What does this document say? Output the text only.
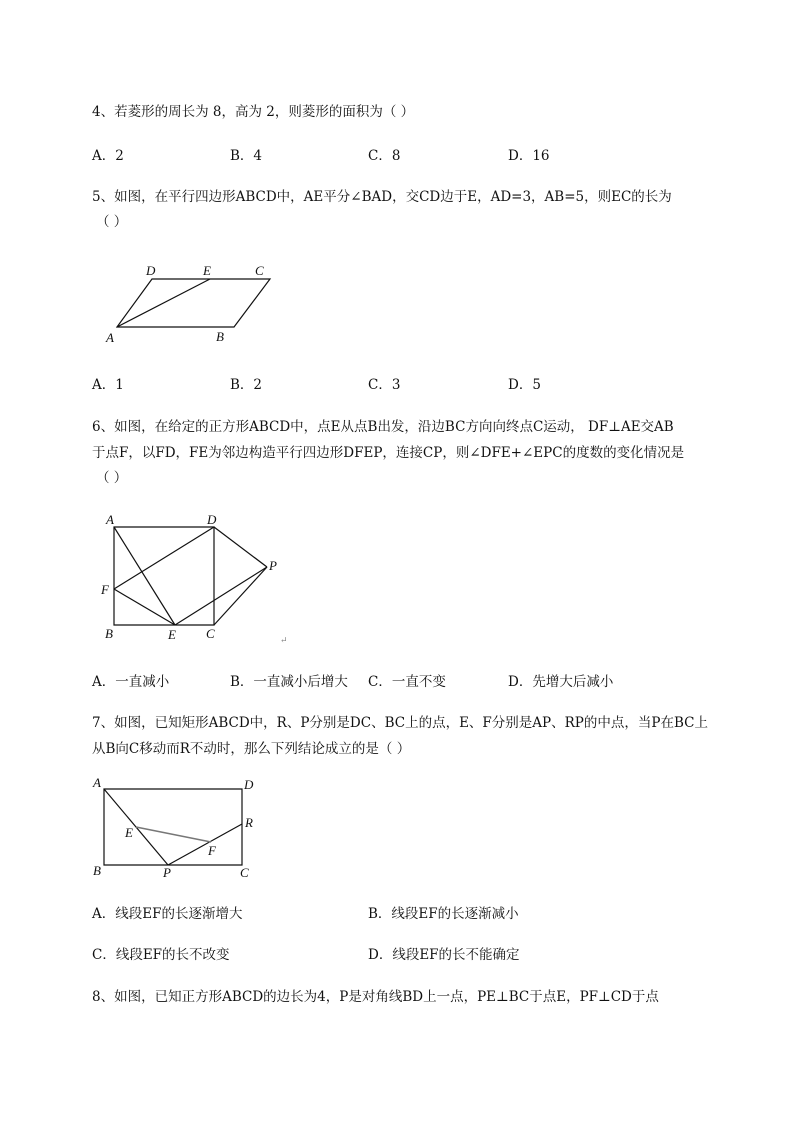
4、若菱形的周长为 8，高为 2，则菱形的面积为（ ）
A．2	B．4	C．8	D．16
5、如图，在平行四边形ABCD中，AE平分∠BAD，交CD边于E，AD=3，AB=5，则EC的长为
（ ）
D	E	C
A	B
A．1	B．2	C．3	D．5
6、如图，在给定的正方形ABCD中，点E从点B出发，沿边BC方向向终点C运动， DF⊥AE交AB
于点F，以FD，FE为邻边构造平行四边形DFEP，连接CP，则∠DFE+∠EPC的度数的变化情况是
（ ）
A	D
P
F
B	E C	↵
A．一直减小	B．一直减小后增大 C．一直不变	D．先增大后减小
7、如图，已知矩形ABCD中，R、P分别是DC、BC上的点，E、F分别是AP、RP的中点，当P在BC上
从B向C移动而R不动时，那么下列结论成立的是（ ）
A	D
R
E
F
B	P	C
A．线段EF的长逐渐增大	B．线段EF的长逐渐减小
C．线段EF的长不改变	D．线段EF的长不能确定
8、如图，已知正方形ABCD的边长为4，P是对角线BD上一点，PE⊥BC于点E，PF⊥CD于点
